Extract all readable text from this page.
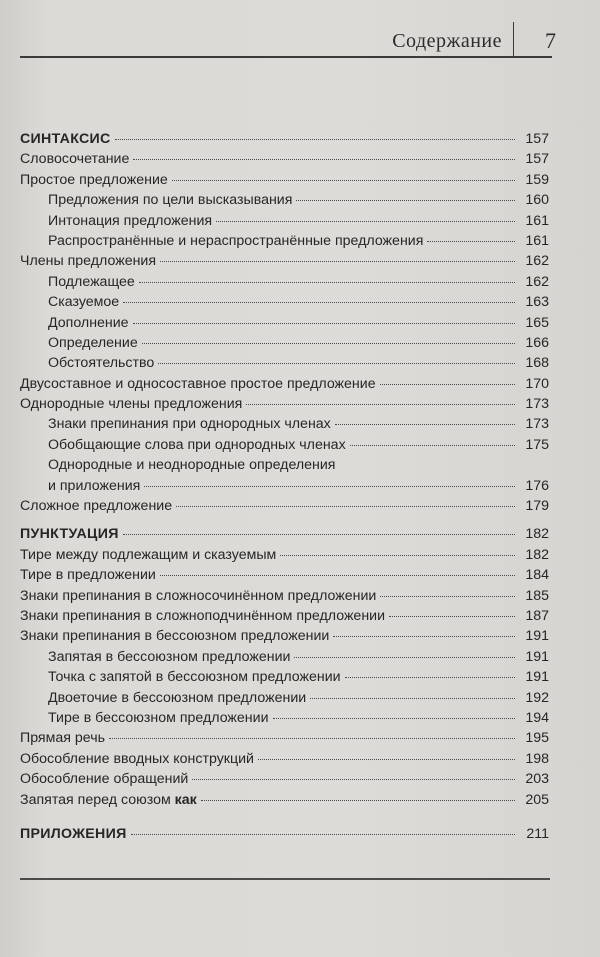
Содержание 7
СИНТАКСИС	157
Словосочетание	157
Простое предложение	159
Предложения по цели высказывания	160
Интонация предложения	161
Распространённые и нераспространённые предложения	161
Члены предложения	162
Подлежащее	162
Сказуемое	163
Дополнение	165
Определение	166
Обстоятельство	168
Двусоставное и односоставное простое предложение	170
Однородные члены предложения	173
Знаки препинания при однородных членах	173
Обобщающие слова при однородных членах	175
Однородные и неоднородные определения
и приложения	176
Сложное предложение	179
ПУНКТУАЦИЯ	182
Тире между подлежащим и сказуемым	182
Тире в предложении	184
Знаки препинания в сложносочинённом предложении	185
Знаки препинания в сложноподчинённом предложении	187
Знаки препинания в бессоюзном предложении	191
Запятая в бессоюзном предложении	191
Точка с запятой в бессоюзном предложении	191
Двоеточие в бессоюзном предложении	192
Тире в бессоюзном предложении	194
Прямая речь	195
Обособление вводных конструкций	198
Обособление обращений	203
Запятая перед союзом как	205
ПРИЛОЖЕНИЯ	211
